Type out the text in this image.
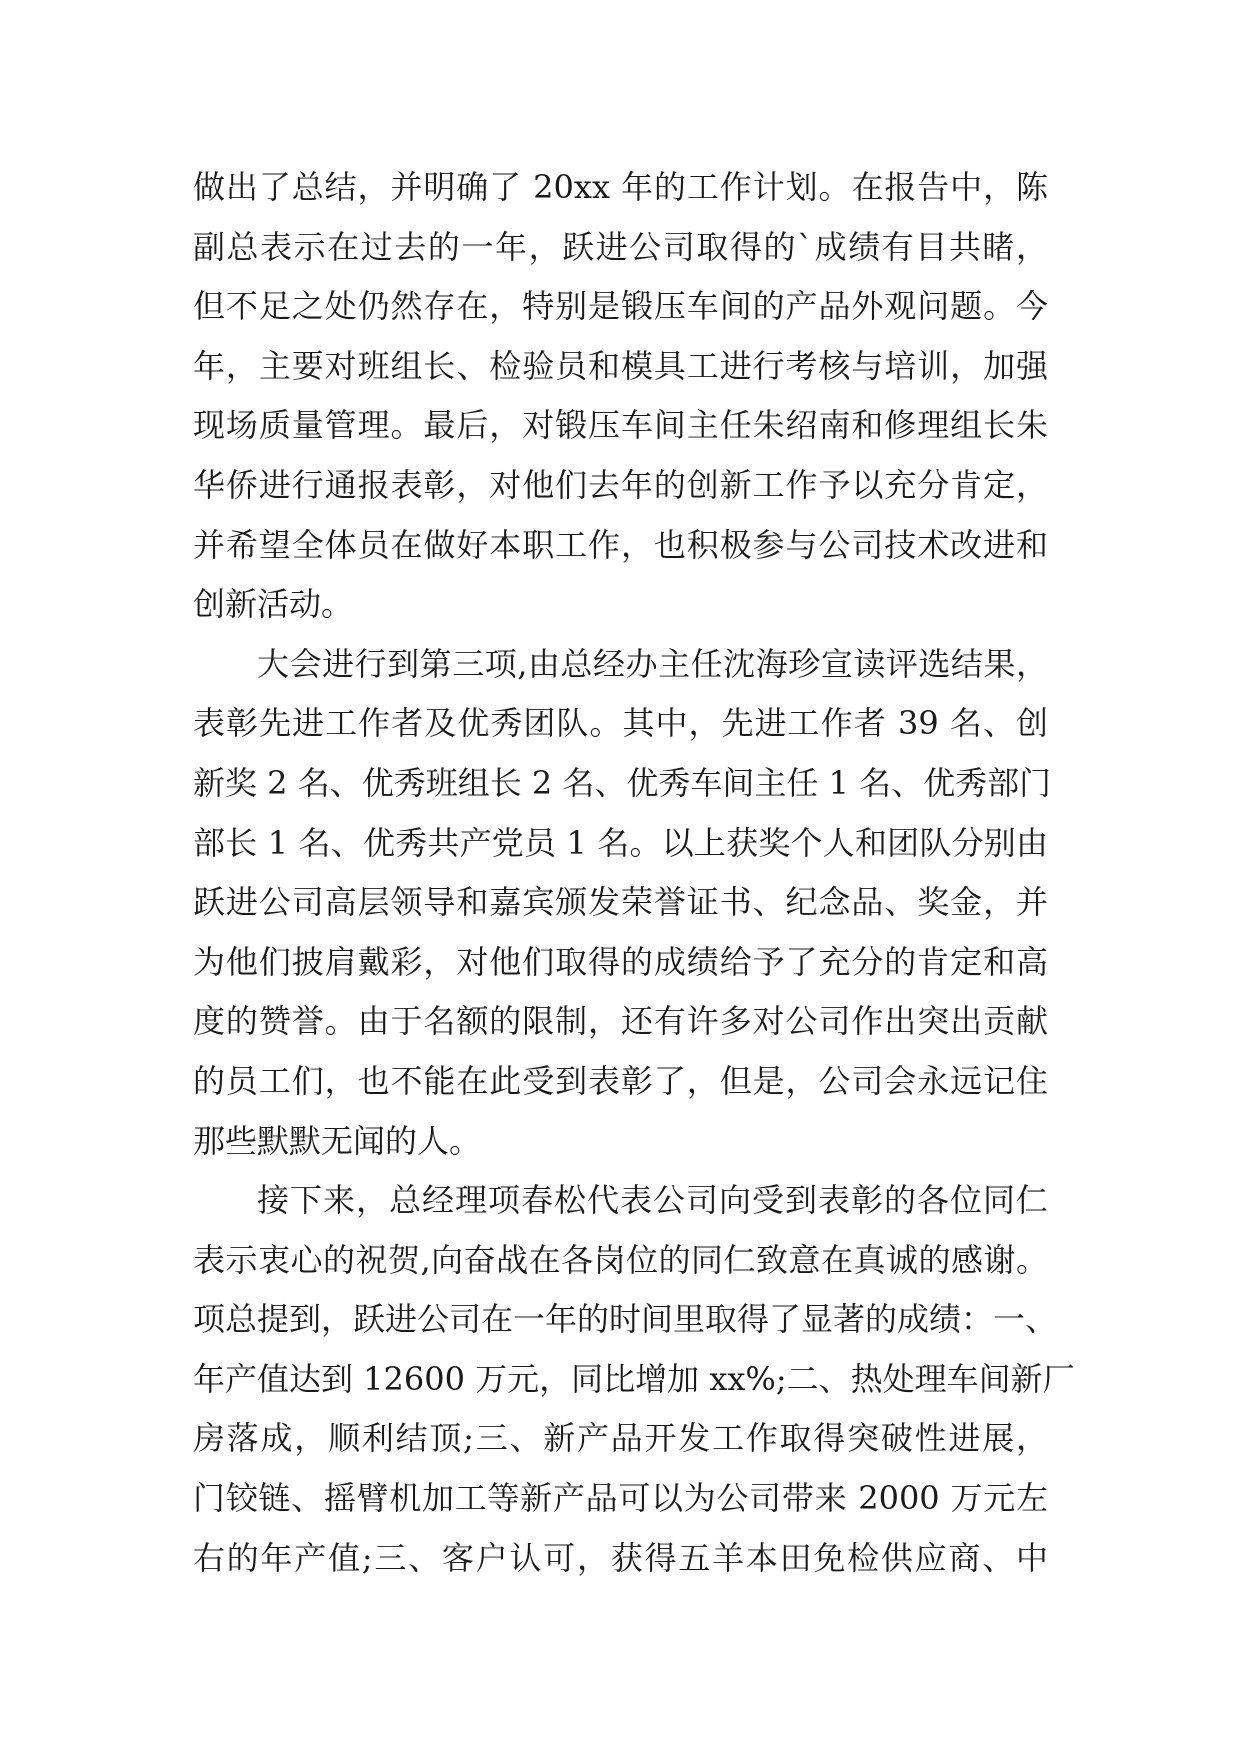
做出了总结，并明确了 20xx 年的工作计划。在报告中，陈
副总表示在过去的一年，跃进公司取得的`成绩有目共睹，
但不足之处仍然存在，特别是锻压车间的产品外观问题。今
年，主要对班组长、检验员和模具工进行考核与培训，加强
现场质量管理。最后，对锻压车间主任朱绍南和修理组长朱
华侨进行通报表彰，对他们去年的创新工作予以充分肯定，
并希望全体员在做好本职工作，也积极参与公司技术改进和
创新活动。
大会进行到第三项,由总经办主任沈海珍宣读评选结果，
表彰先进工作者及优秀团队。其中，先进工作者 39 名、创
新奖 2 名、优秀班组长 2 名、优秀车间主任 1 名、优秀部门
部长 1 名、优秀共产党员 1 名。以上获奖个人和团队分别由
跃进公司高层领导和嘉宾颁发荣誉证书、纪念品、奖金，并
为他们披肩戴彩，对他们取得的成绩给予了充分的肯定和高
度的赞誉。由于名额的限制，还有许多对公司作出突出贡献
的员工们，也不能在此受到表彰了，但是，公司会永远记住
那些默默无闻的人。
接下来，总经理项春松代表公司向受到表彰的各位同仁
表示衷心的祝贺,向奋战在各岗位的同仁致意在真诚的感谢。
项总提到，跃进公司在一年的时间里取得了显著的成绩：一、
年产值达到 12600 万元，同比增加 xx%;二、热处理车间新厂
房落成，顺利结顶;三、新产品开发工作取得突破性进展，
门铰链、摇臂机加工等新产品可以为公司带来 2000 万元左
右的年产值;三、客户认可，获得五羊本田免检供应商、中
